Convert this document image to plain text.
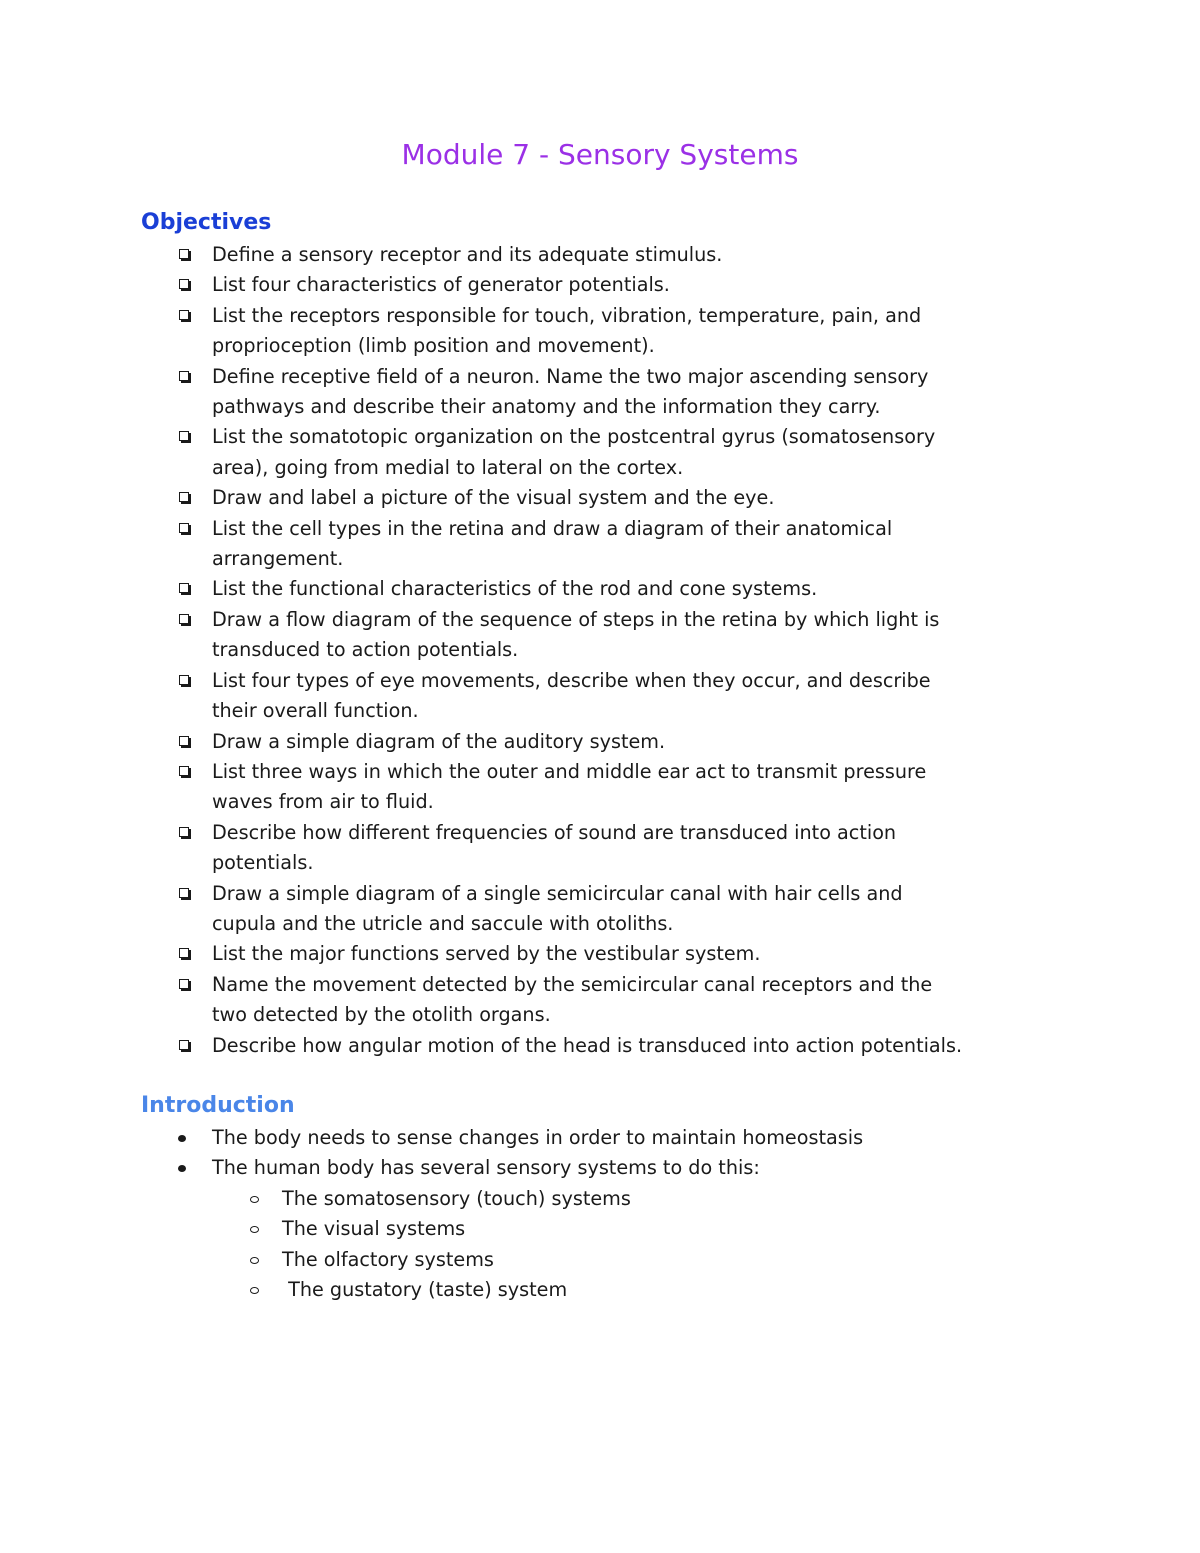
Module 7 - Sensory Systems
Objectives
Define a sensory receptor and its adequate stimulus.
List four characteristics of generator potentials.
List the receptors responsible for touch, vibration, temperature, pain, and
proprioception (limb position and movement).
Define receptive field of a neuron. Name the two major ascending sensory
pathways and describe their anatomy and the information they carry.
List the somatotopic organization on the postcentral gyrus (somatosensory
area), going from medial to lateral on the cortex.
Draw and label a picture of the visual system and the eye.
List the cell types in the retina and draw a diagram of their anatomical
arrangement.
List the functional characteristics of the rod and cone systems.
Draw a flow diagram of the sequence of steps in the retina by which light is
transduced to action potentials.
List four types of eye movements, describe when they occur, and describe
their overall function.
Draw a simple diagram of the auditory system.
List three ways in which the outer and middle ear act to transmit pressure
waves from air to fluid.
Describe how different frequencies of sound are transduced into action
potentials.
Draw a simple diagram of a single semicircular canal with hair cells and
cupula and the utricle and saccule with otoliths.
List the major functions served by the vestibular system.
Name the movement detected by the semicircular canal receptors and the
two detected by the otolith organs.
Describe how angular motion of the head is transduced into action potentials.
Introduction
The body needs to sense changes in order to maintain homeostasis
The human body has several sensory systems to do this:
The somatosensory (touch) systems
The visual systems
The olfactory systems
The gustatory (taste) system
